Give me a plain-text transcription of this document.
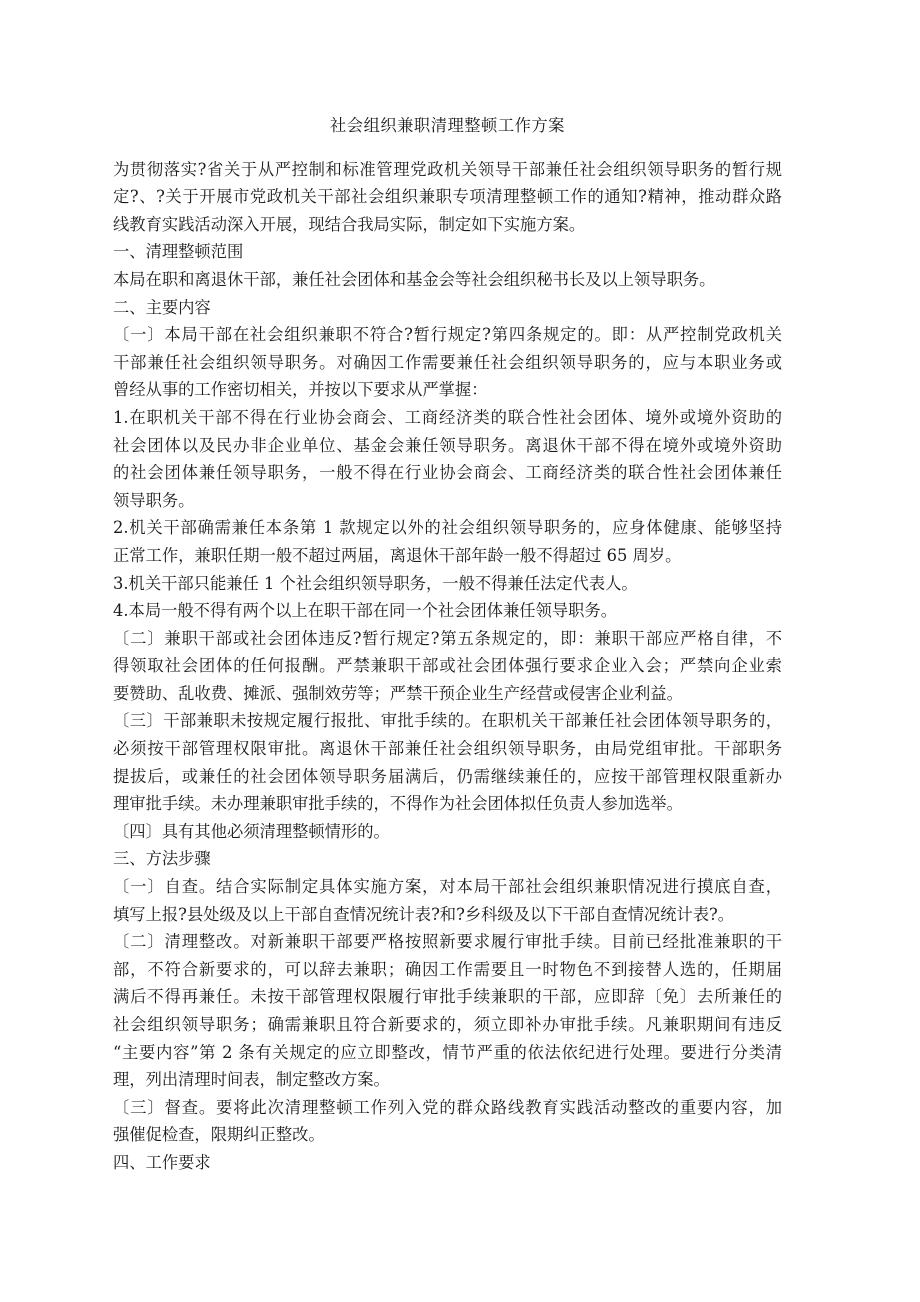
社会组织兼职清理整顿工作方案
为贯彻落实?省关于从严控制和标准管理党政机关领导干部兼任社会组织领导职务的暂行规
定?、?关于开展市党政机关干部社会组织兼职专项清理整顿工作的通知?精神，推动群众路
线教育实践活动深入开展，现结合我局实际，制定如下实施方案。
一、清理整顿范围
本局在职和离退休干部，兼任社会团体和基金会等社会组织秘书长及以上领导职务。
二、主要内容
〔一〕本局干部在社会组织兼职不符合?暂行规定?第四条规定的。即：从严控制党政机关
干部兼任社会组织领导职务。对确因工作需要兼任社会组织领导职务的，应与本职业务或
曾经从事的工作密切相关，并按以下要求从严掌握：
1.在职机关干部不得在行业协会商会、工商经济类的联合性社会团体、境外或境外资助的
社会团体以及民办非企业单位、基金会兼任领导职务。离退休干部不得在境外或境外资助
的社会团体兼任领导职务，一般不得在行业协会商会、工商经济类的联合性社会团体兼任
领导职务。
2.机关干部确需兼任本条第 1 款规定以外的社会组织领导职务的，应身体健康、能够坚持
正常工作，兼职任期一般不超过两届，离退休干部年龄一般不得超过 65 周岁。
3.机关干部只能兼任 1 个社会组织领导职务，一般不得兼任法定代表人。
4.本局一般不得有两个以上在职干部在同一个社会团体兼任领导职务。
〔二〕兼职干部或社会团体违反?暂行规定?第五条规定的，即：兼职干部应严格自律，不
得领取社会团体的任何报酬。严禁兼职干部或社会团体强行要求企业入会；严禁向企业索
要赞助、乱收费、摊派、强制效劳等；严禁干预企业生产经营或侵害企业利益。
〔三〕干部兼职未按规定履行报批、审批手续的。在职机关干部兼任社会团体领导职务的，
必须按干部管理权限审批。离退休干部兼任社会组织领导职务，由局党组审批。干部职务
提拔后，或兼任的社会团体领导职务届满后，仍需继续兼任的，应按干部管理权限重新办
理审批手续。未办理兼职审批手续的，不得作为社会团体拟任负责人参加选举。
〔四〕具有其他必须清理整顿情形的。
三、方法步骤
〔一〕自查。结合实际制定具体实施方案，对本局干部社会组织兼职情况进行摸底自查，
填写上报?县处级及以上干部自查情况统计表?和?乡科级及以下干部自查情况统计表?。
〔二〕清理整改。对新兼职干部要严格按照新要求履行审批手续。目前已经批准兼职的干
部，不符合新要求的，可以辞去兼职；确因工作需要且一时物色不到接替人选的，任期届
满后不得再兼任。未按干部管理权限履行审批手续兼职的干部，应即辞〔免〕去所兼任的
社会组织领导职务；确需兼职且符合新要求的，须立即补办审批手续。凡兼职期间有违反
“主要内容”第 2 条有关规定的应立即整改，情节严重的依法依纪进行处理。要进行分类清
理，列出清理时间表，制定整改方案。
〔三〕督查。要将此次清理整顿工作列入党的群众路线教育实践活动整改的重要内容，加
强催促检查，限期纠正整改。
四、工作要求
